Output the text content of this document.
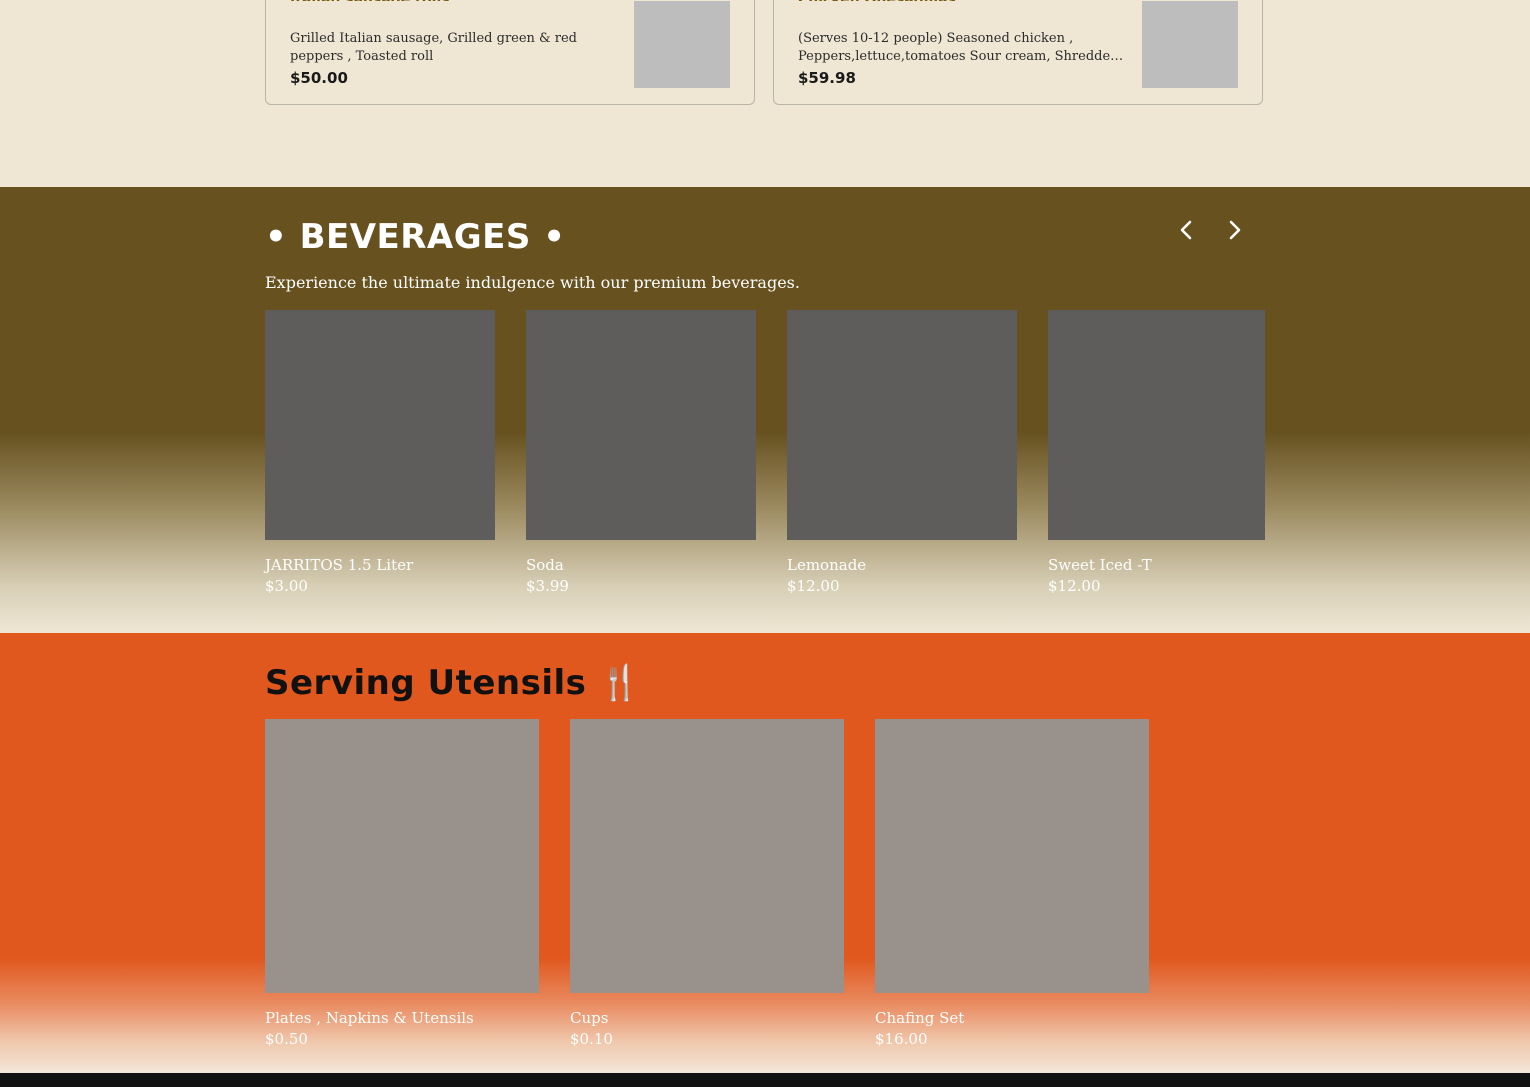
Grilled Italian sausage, Grilled green & red peppers , Toasted roll

$50.00

(Serves 10-12 people) Seasoned chicken , Peppers,lettuce,tomatoes Sour cream, Shredded

$59.98
• BEVERAGES •

Experience the ultimate indulgence with our premium beverages.

JARRITOS 1.5 Liter
$3.00
Soda
$3.99
Lemonade
$12.00
Sweet Iced -T
$12.00
Serving Utensils 🍴
Plates , Napkins & Utensils
$0.50
Cups
$0.10
Chafing Set
$16.00
